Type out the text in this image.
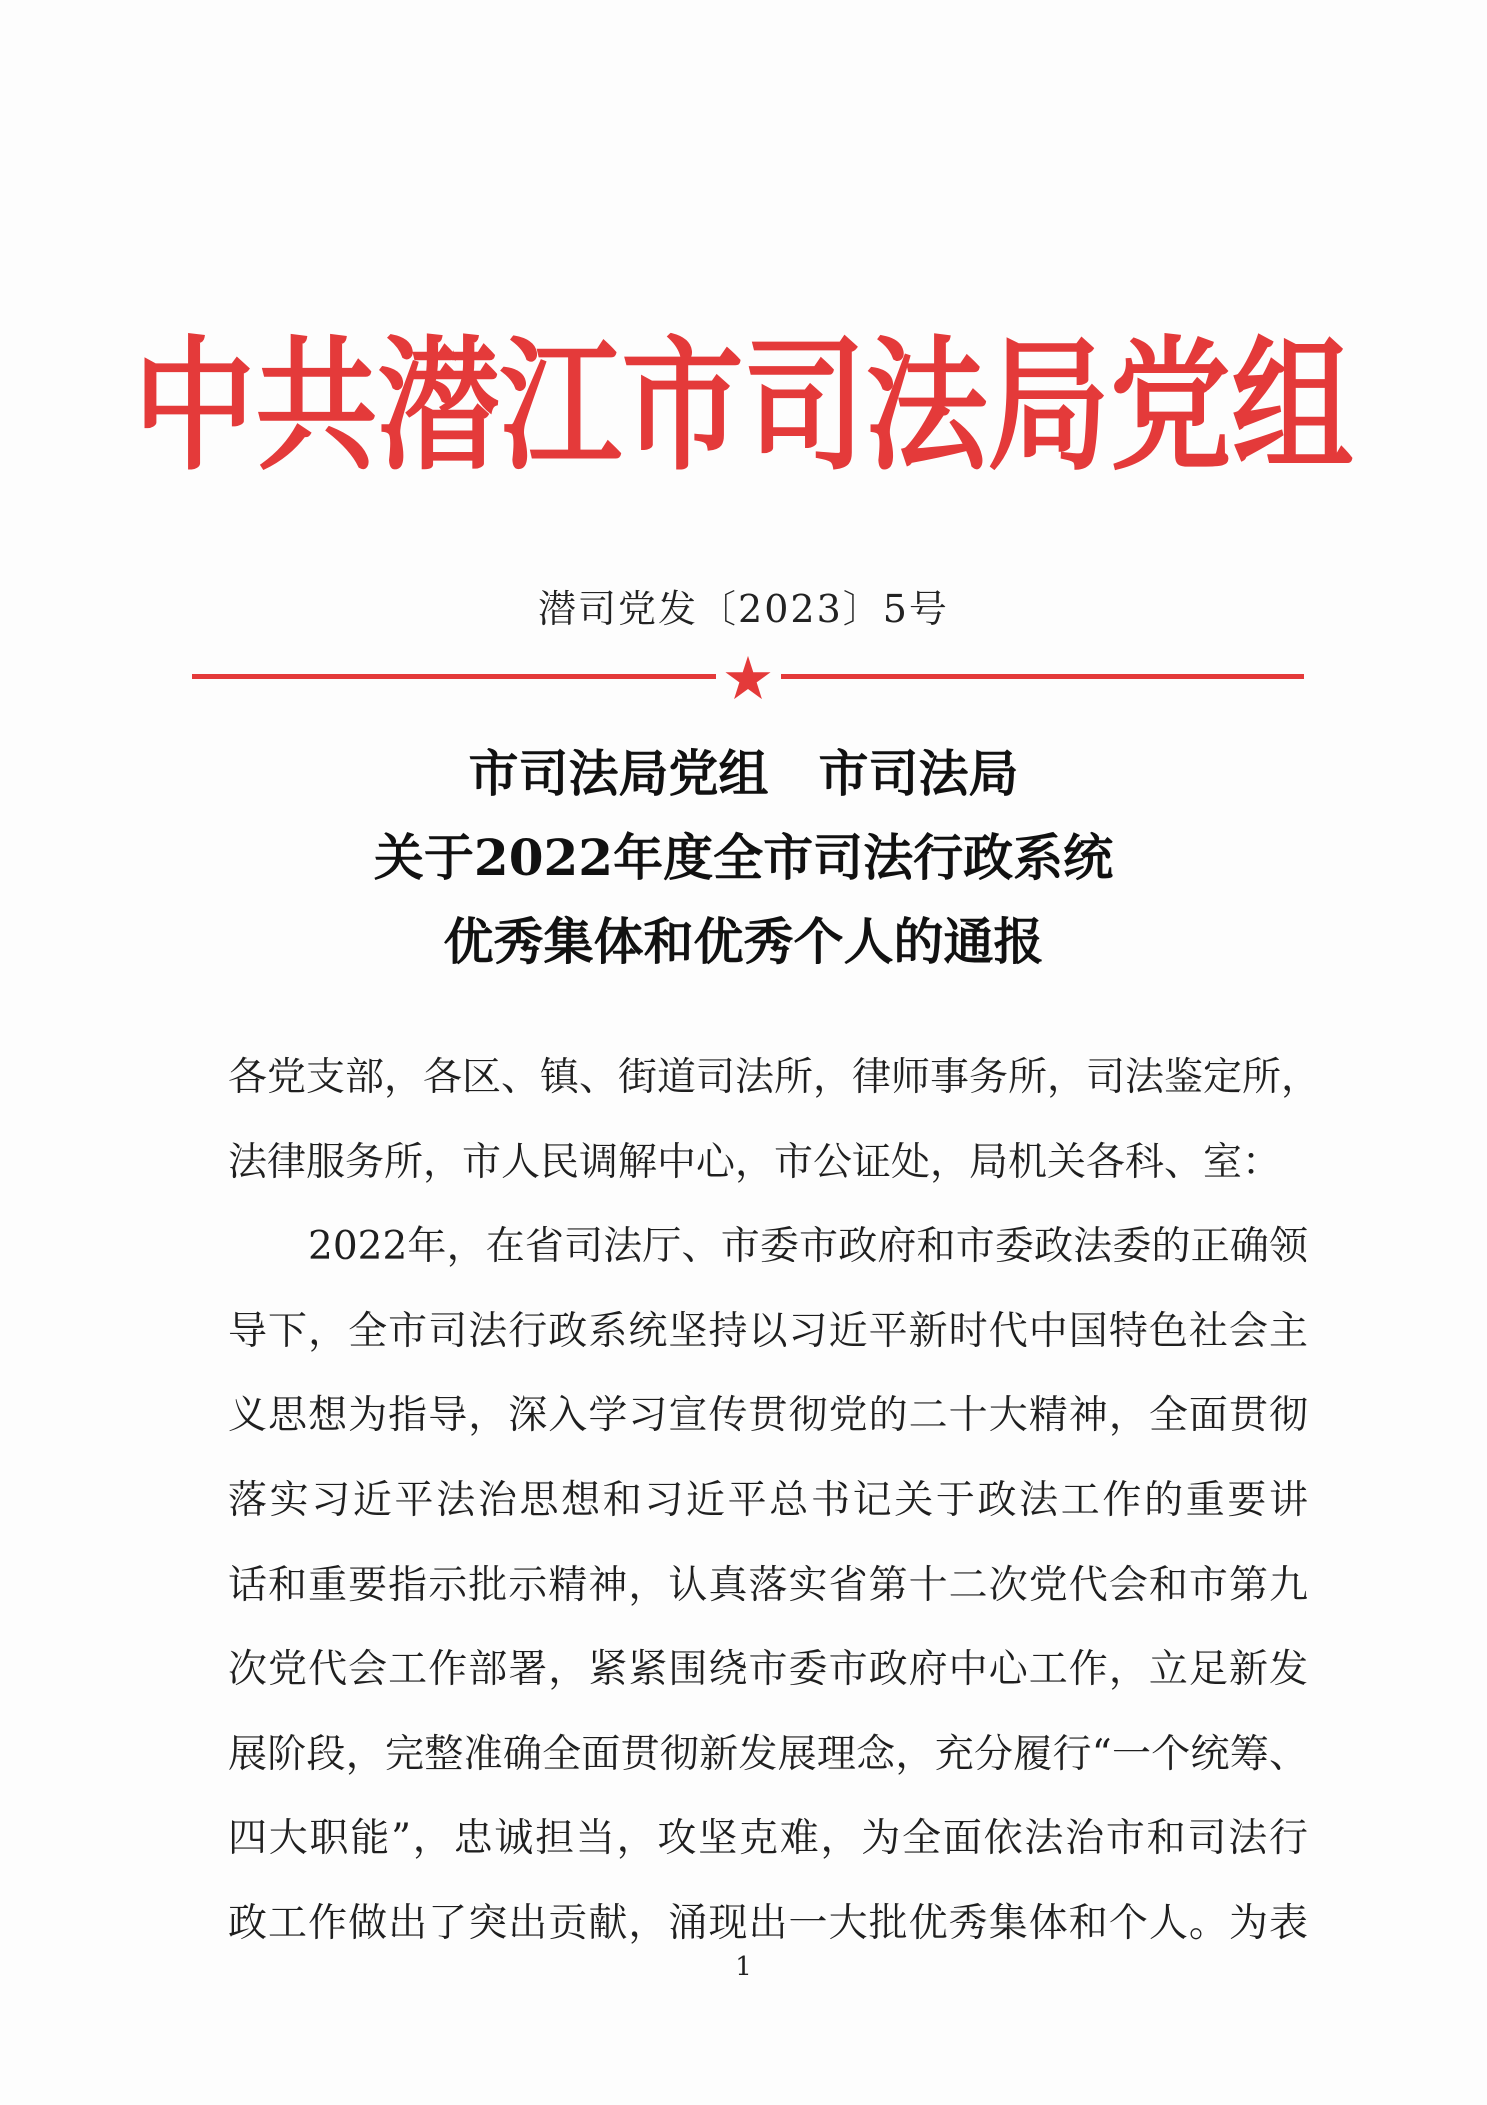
中共潜江市司法局党组
潜司党发〔2023〕5号
市司法局党组　市司法局
关于2022年度全市司法行政系统
优秀集体和优秀个人的通报
各党支部，各区、镇、街道司法所，律师事务所，司法鉴定所，
法律服务所，市人民调解中心，市公证处，局机关各科、室：
2022年，在省司法厅、市委市政府和市委政法委的正确领
导下，全市司法行政系统坚持以习近平新时代中国特色社会主
义思想为指导，深入学习宣传贯彻党的二十大精神，全面贯彻
落实习近平法治思想和习近平总书记关于政法工作的重要讲
话和重要指示批示精神，认真落实省第十二次党代会和市第九
次党代会工作部署，紧紧围绕市委市政府中心工作，立足新发
展阶段，完整准确全面贯彻新发展理念，充分履行“一个统筹、
四大职能”，忠诚担当，攻坚克难，为全面依法治市和司法行
政工作做出了突出贡献，涌现出一大批优秀集体和个人。为表
1
